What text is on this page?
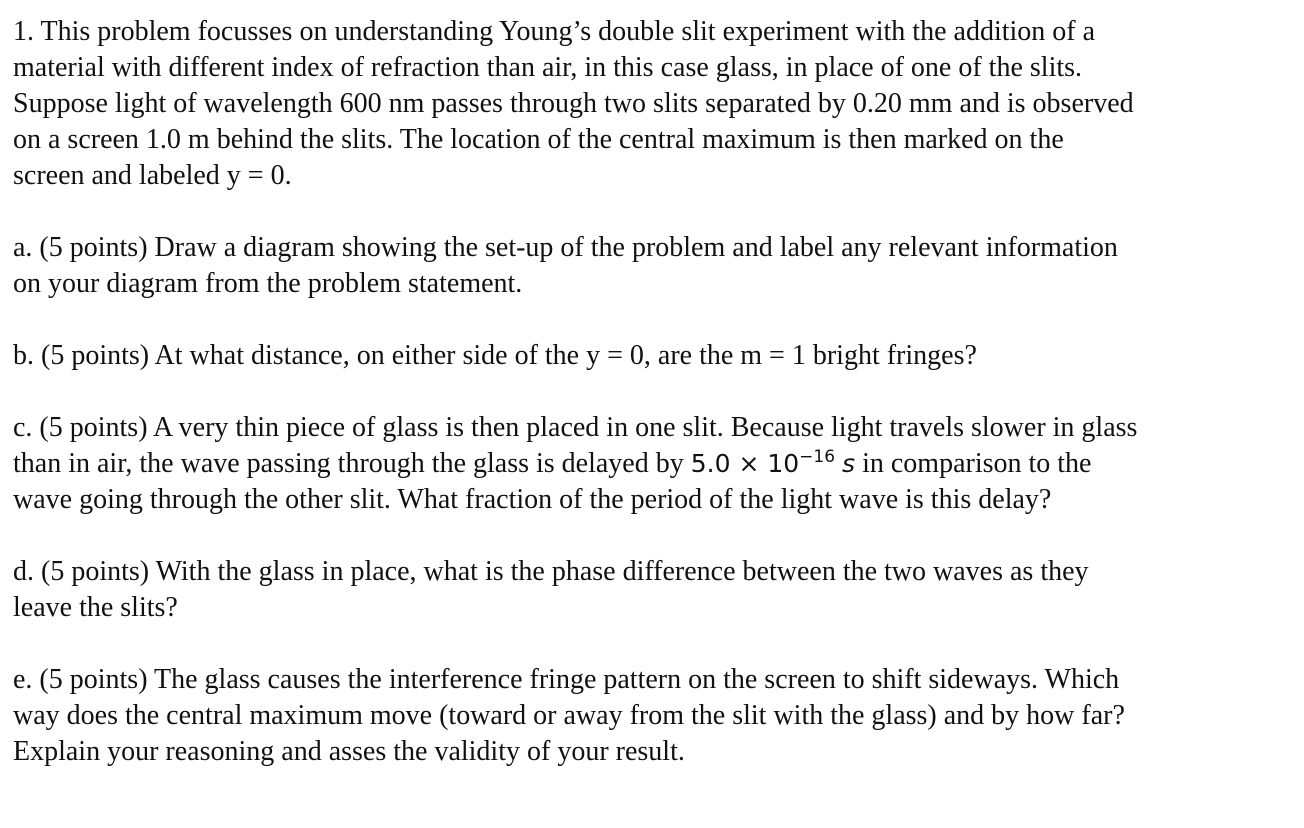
1. This problem focusses on understanding Young’s double slit experiment with the addition of a
material with different index of refraction than air, in this case glass, in place of one of the slits.
Suppose light of wavelength 600 nm passes through two slits separated by 0.20 mm and is observed
on a screen 1.0 m behind the slits. The location of the central maximum is then marked on the
screen and labeled y = 0.

a. (5 points) Draw a diagram showing the set-up of the problem and label any relevant information
on your diagram from the problem statement.

b. (5 points) At what distance, on either side of the y = 0, are the m = 1 bright fringes?

c. (5 points) A very thin piece of glass is then placed in one slit. Because light travels slower in glass
than in air, the wave passing through the glass is delayed by $5.0 \times 10^{-16}$ s in comparison to the
wave going through the other slit. What fraction of the period of the light wave is this delay?

d. (5 points) With the glass in place, what is the phase difference between the two waves as they
leave the slits?

e. (5 points) The glass causes the interference fringe pattern on the screen to shift sideways. Which
way does the central maximum move (toward or away from the slit with the glass) and by how far?
Explain your reasoning and asses the validity of your result.
